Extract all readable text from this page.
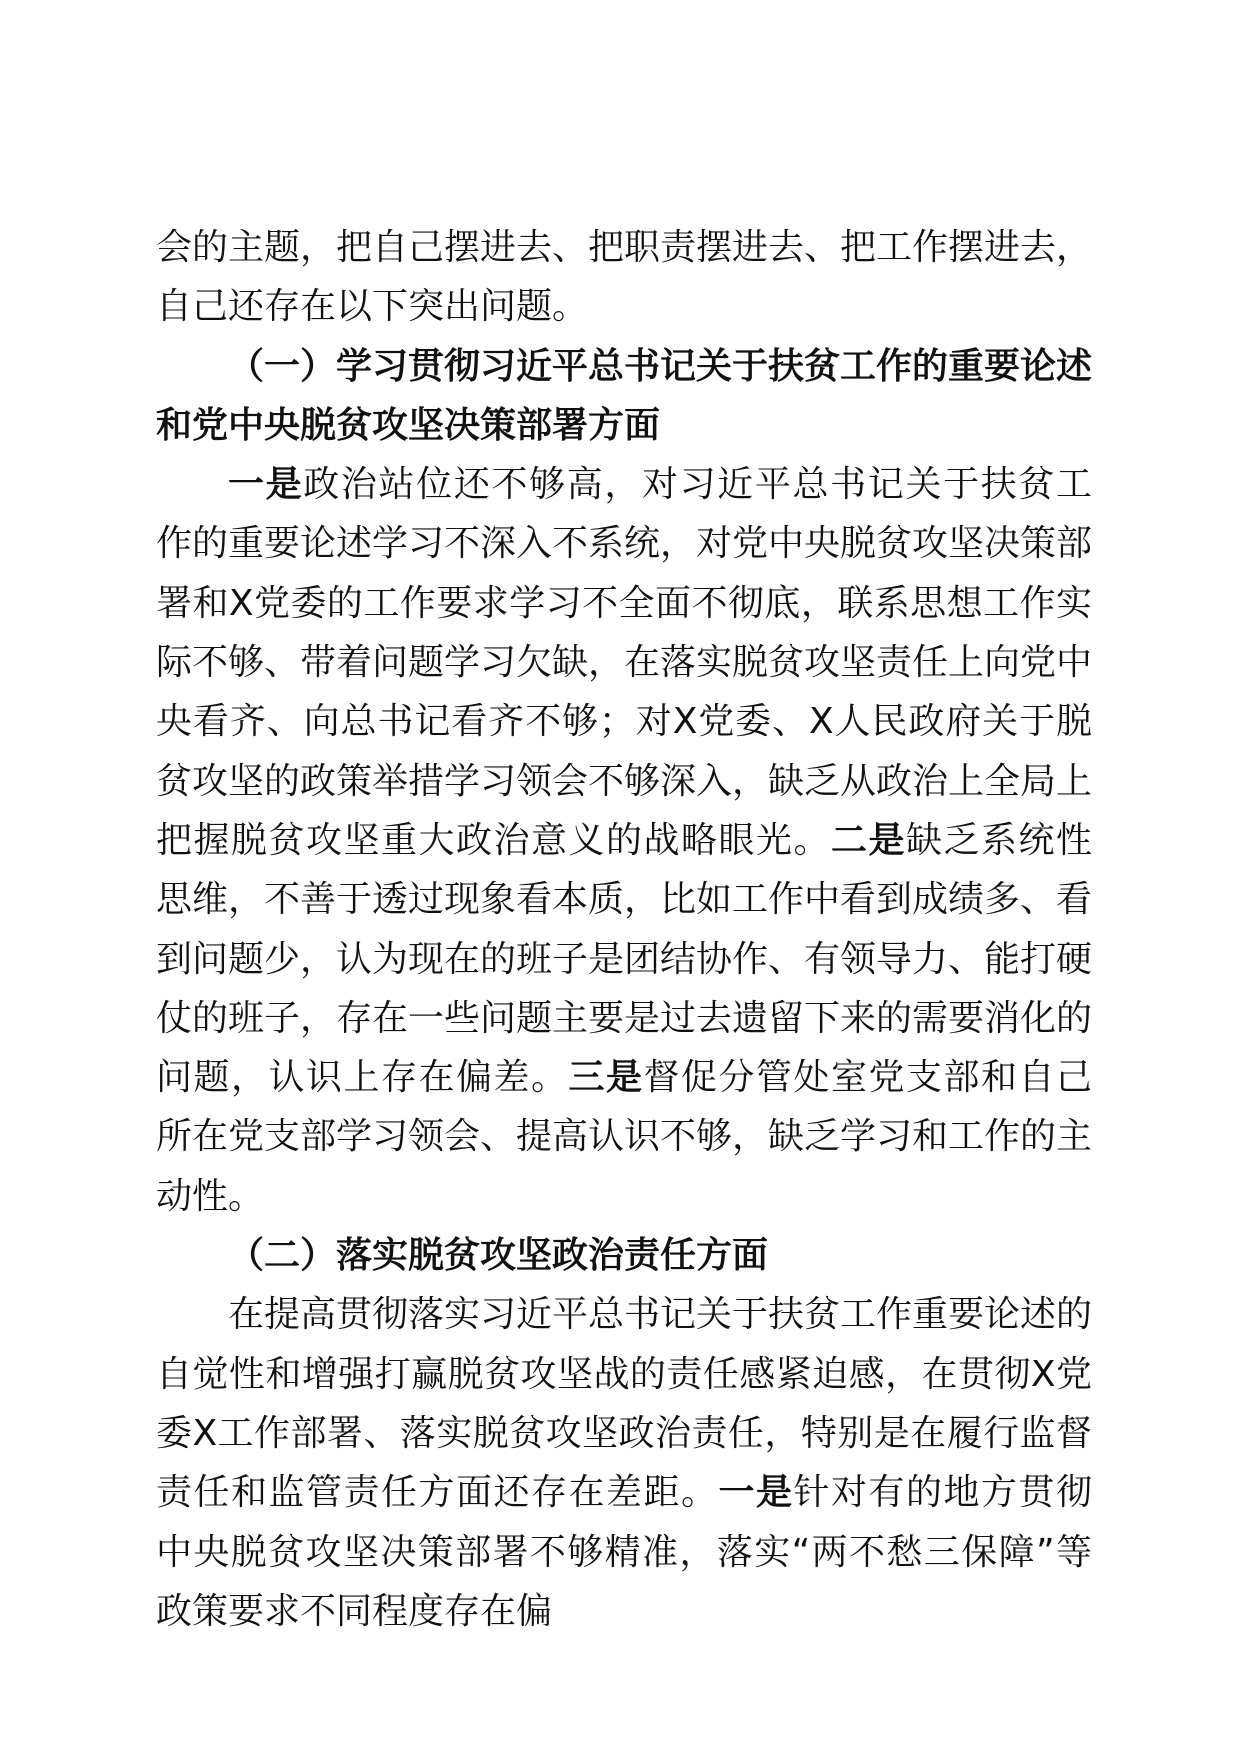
会的主题，把自己摆进去、把职责摆进去、把工作摆进去，自己还存在以下突出问题。

（一）学习贯彻习近平总书记关于扶贫工作的重要论述和党中央脱贫攻坚决策部署方面

一是政治站位还不够高，对习近平总书记关于扶贫工作的重要论述学习不深入不系统，对党中央脱贫攻坚决策部署和X党委的工作要求学习不全面不彻底，联系思想工作实际不够、带着问题学习欠缺，在落实脱贫攻坚责任上向党中央看齐、向总书记看齐不够；对X党委、X人民政府关于脱贫攻坚的政策举措学习领会不够深入，缺乏从政治上全局上把握脱贫攻坚重大政治意义的战略眼光。二是缺乏系统性思维，不善于透过现象看本质，比如工作中看到成绩多、看到问题少，认为现在的班子是团结协作、有领导力、能打硬仗的班子，存在一些问题主要是过去遗留下来的需要消化的问题，认识上存在偏差。三是督促分管处室党支部和自己所在党支部学习领会、提高认识不够，缺乏学习和工作的主动性。

（二）落实脱贫攻坚政治责任方面

在提高贯彻落实习近平总书记关于扶贫工作重要论述的自觉性和增强打赢脱贫攻坚战的责任感紧迫感，在贯彻X党委X工作部署、落实脱贫攻坚政治责任，特别是在履行监督责任和监管责任方面还存在差距。一是针对有的地方贯彻中央脱贫攻坚决策部署不够精准，落实“两不愁三保障”等政策要求不同程度存在偏
